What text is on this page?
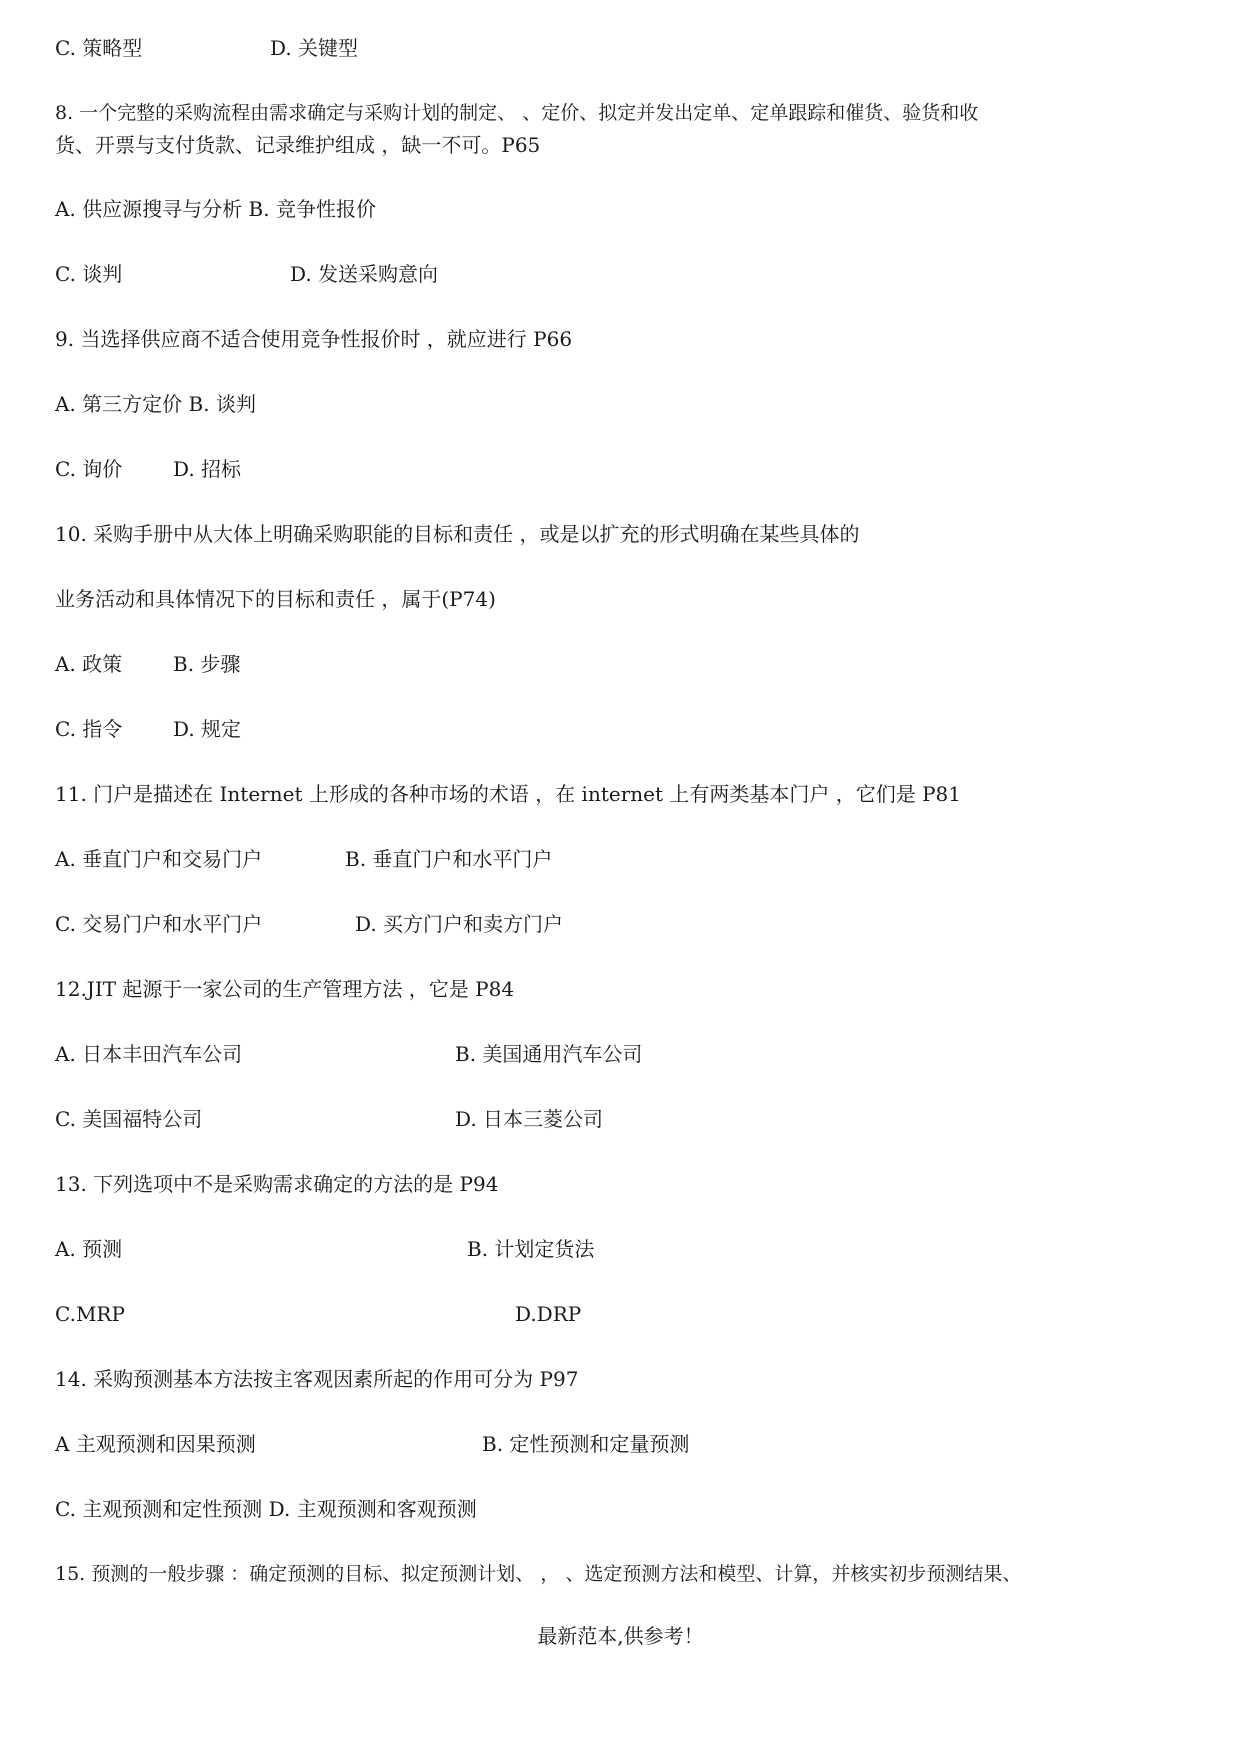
C. 策略型	D. 关键型
8. 一个完整的采购流程由需求确定与采购计划的制定、 、定价、拟定并发出定单、定单跟踪和催货、验货和收
货、开票与支付货款、记录维护组成 ，缺一不可。P65
A. 供应源搜寻与分析 B. 竞争性报价
C. 谈判	D. 发送采购意向
9. 当选择供应商不适合使用竞争性报价时 ，就应进行 P66
A. 第三方定价 B. 谈判
C. 询价	D. 招标
10. 采购手册中从大体上明确采购职能的目标和责任 ，或是以扩充的形式明确在某些具体的
业务活动和具体情况下的目标和责任 ，属于(P74)
A. 政策	B. 步骤
C. 指令	D. 规定
11. 门户是描述在 Internet 上形成的各种市场的术语 ，在 internet 上有两类基本门户 ，它们是 P81
A. 垂直门户和交易门户	B. 垂直门户和水平门户
C. 交易门户和水平门户	D. 买方门户和卖方门户
12.JIT 起源于一家公司的生产管理方法 ，它是 P84
A. 日本丰田汽车公司	B. 美国通用汽车公司
C. 美国福特公司	D. 日本三菱公司
13. 下列选项中不是采购需求确定的方法的是 P94
A. 预测	B. 计划定货法
C.MRP	D.DRP
14. 采购预测基本方法按主客观因素所起的作用可分为 P97
A 主观预测和因果预测	B. 定性预测和定量预测
C. 主观预测和定性预测 D. 主观预测和客观预测
15. 预测的一般步骤 ：确定预测的目标、拟定预测计划、 ， 、选定预测方法和模型、计算，并核实初步预测结果、
最新范本,供参考！
